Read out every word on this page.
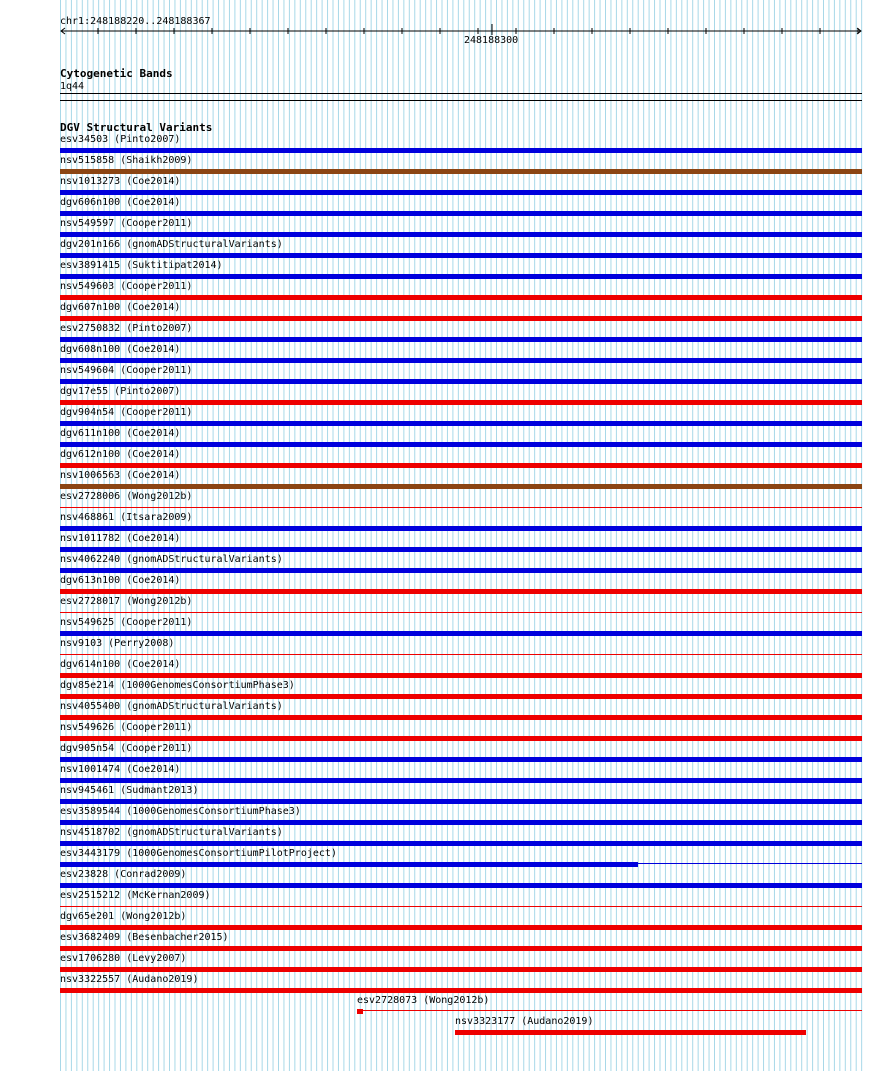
chr1:248188220..248188367
248188300
Cytogenetic Bands
1q44
DGV Structural Variants
esv34503 (Pinto2007)
nsv515858 (Shaikh2009)
nsv1013273 (Coe2014)
dgv606n100 (Coe2014)
nsv549597 (Cooper2011)
dgv201n166 (gnomADStructuralVariants)
esv3891415 (Suktitipat2014)
nsv549603 (Cooper2011)
dgv607n100 (Coe2014)
esv2750832 (Pinto2007)
dgv608n100 (Coe2014)
nsv549604 (Cooper2011)
dgv17e55 (Pinto2007)
dgv904n54 (Cooper2011)
dgv611n100 (Coe2014)
dgv612n100 (Coe2014)
nsv1006563 (Coe2014)
esv2728006 (Wong2012b)
nsv468861 (Itsara2009)
nsv1011782 (Coe2014)
nsv4062240 (gnomADStructuralVariants)
dgv613n100 (Coe2014)
esv2728017 (Wong2012b)
nsv549625 (Cooper2011)
nsv9103 (Perry2008)
dgv614n100 (Coe2014)
dgv85e214 (1000GenomesConsortiumPhase3)
nsv4055400 (gnomADStructuralVariants)
nsv549626 (Cooper2011)
dgv905n54 (Cooper2011)
nsv1001474 (Coe2014)
nsv945461 (Sudmant2013)
esv3589544 (1000GenomesConsortiumPhase3)
nsv4518702 (gnomADStructuralVariants)
esv3443179 (1000GenomesConsortiumPilotProject)
esv23828 (Conrad2009)
esv2515212 (McKernan2009)
dgv65e201 (Wong2012b)
esv3682409 (Besenbacher2015)
esv1706280 (Levy2007)
nsv3322557 (Audano2019)
esv2728073 (Wong2012b)
nsv3323177 (Audano2019)
